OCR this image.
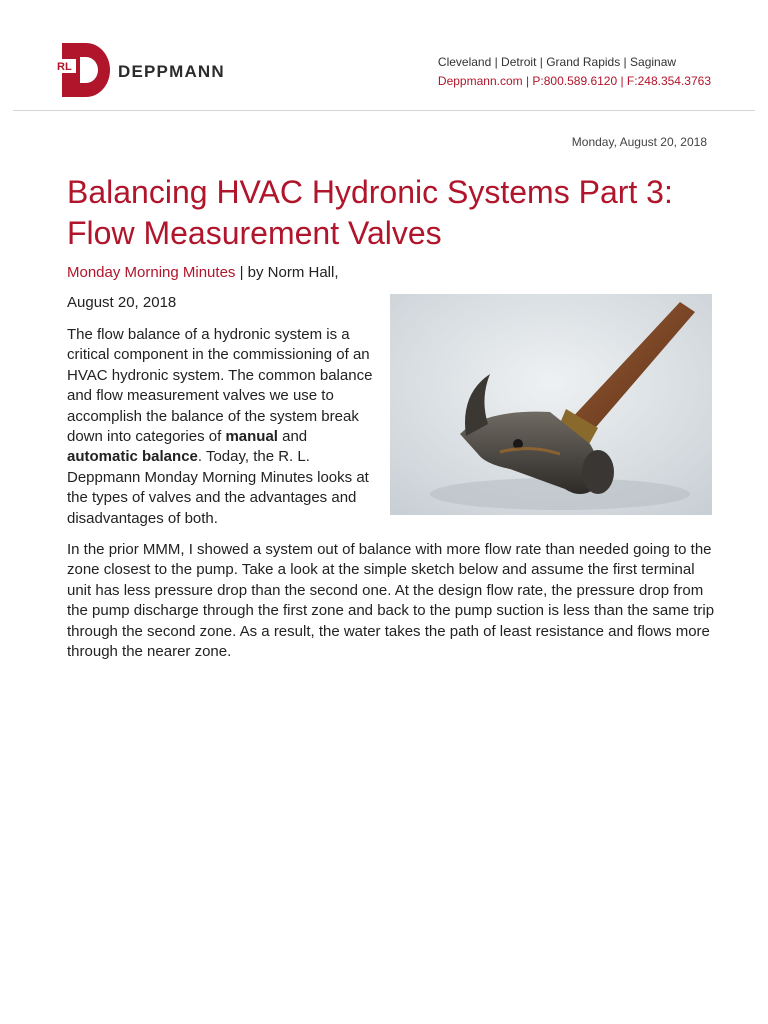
RL	DEPPMANN	Cleveland | Detroit | Grand Rapids | Saginaw
Deppmann.com | P:800.589.6120 | F:248.354.3763
Monday, August 20, 2018
Balancing HVAC Hydronic Systems Part 3: Flow Measurement Valves
Monday Morning Minutes | by Norm Hall,
August 20, 2018

The flow balance of a hydronic system is a critical component in the commissioning of an HVAC hydronic system. The common balance and flow measurement valves we use to accomplish the balance of the system break down into categories of manual and automatic balance. Today, the R. L. Deppmann Monday Morning Minutes looks at the types of valves and the advantages and disadvantages of both.

In the prior MMM, I showed a system out of balance with more flow rate than needed going to the zone closest to the pump. Take a look at the simple sketch below and assume the first terminal unit has less pressure drop than the second one. At the design flow rate, the pressure drop from the pump discharge through the first zone and back to the pump suction is less than the same trip through the second zone. As a result, the water takes the path of least resistance and flows more through the nearer zone.
